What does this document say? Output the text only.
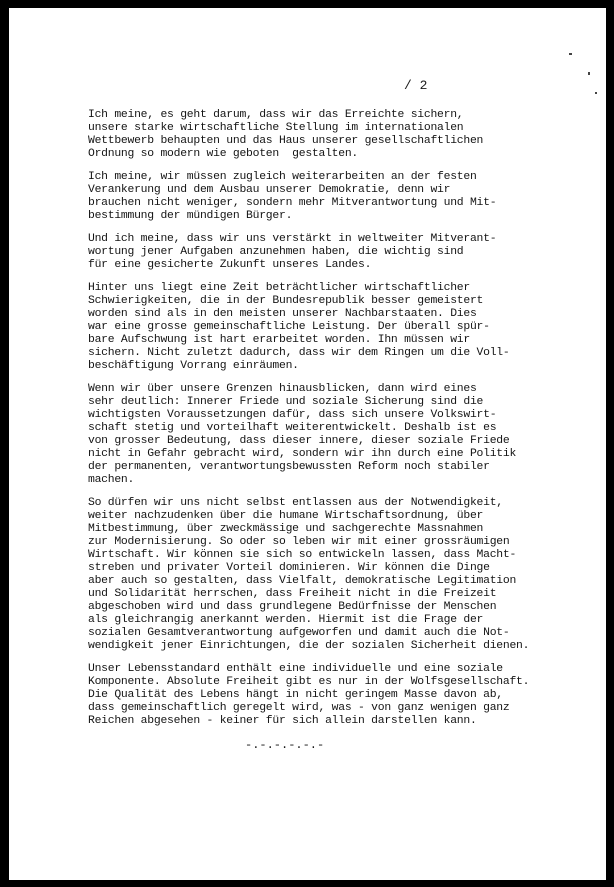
/ 2
Ich meine, es geht darum, dass wir das Erreichte sichern,
unsere starke wirtschaftliche Stellung im internationalen
Wettbewerb behaupten und das Haus unserer gesellschaftlichen
Ordnung so modern wie geboten  gestalten.
Ich meine, wir müssen zugleich weiterarbeiten an der festen
Verankerung und dem Ausbau unserer Demokratie, denn wir
brauchen nicht weniger, sondern mehr Mitverantwortung und Mit-
bestimmung der mündigen Bürger.
Und ich meine, dass wir uns verstärkt in weltweiter Mitverant-
wortung jener Aufgaben anzunehmen haben, die wichtig sind
für eine gesicherte Zukunft unseres Landes.
Hinter uns liegt eine Zeit beträchtlicher wirtschaftlicher
Schwierigkeiten, die in der Bundesrepublik besser gemeistert
worden sind als in den meisten unserer Nachbarstaaten. Dies
war eine grosse gemeinschaftliche Leistung. Der überall spür-
bare Aufschwung ist hart erarbeitet worden. Ihn müssen wir
sichern. Nicht zuletzt dadurch, dass wir dem Ringen um die Voll-
beschäftigung Vorrang einräumen.
Wenn wir über unsere Grenzen hinausblicken, dann wird eines
sehr deutlich: Innerer Friede und soziale Sicherung sind die
wichtigsten Voraussetzungen dafür, dass sich unsere Volkswirt-
schaft stetig und vorteilhaft weiterentwickelt. Deshalb ist es
von grosser Bedeutung, dass dieser innere, dieser soziale Friede
nicht in Gefahr gebracht wird, sondern wir ihn durch eine Politik
der permanenten, verantwortungsbewussten Reform noch stabiler
machen.
So dürfen wir uns nicht selbst entlassen aus der Notwendigkeit,
weiter nachzudenken über die humane Wirtschaftsordnung, über
Mitbestimmung, über zweckmässige und sachgerechte Massnahmen
zur Modernisierung. So oder so leben wir mit einer grossräumigen
Wirtschaft. Wir können sie sich so entwickeln lassen, dass Macht-
streben und privater Vorteil dominieren. Wir können die Dinge
aber auch so gestalten, dass Vielfalt, demokratische Legitimation
und Solidarität herrschen, dass Freiheit nicht in die Freizeit
abgeschoben wird und dass grundlegene Bedürfnisse der Menschen
als gleichrangig anerkannt werden. Hiermit ist die Frage der
sozialen Gesamtverantwortung aufgeworfen und damit auch die Not-
wendigkeit jener Einrichtungen, die der sozialen Sicherheit dienen.
Unser Lebensstandard enthält eine individuelle und eine soziale
Komponente. Absolute Freiheit gibt es nur in der Wolfsgesellschaft.
Die Qualität des Lebens hängt in nicht geringem Masse davon ab,
dass gemeinschaftlich geregelt wird, was - von ganz wenigen ganz
Reichen abgesehen - keiner für sich allein darstellen kann.
-.-.-.-.-.-
